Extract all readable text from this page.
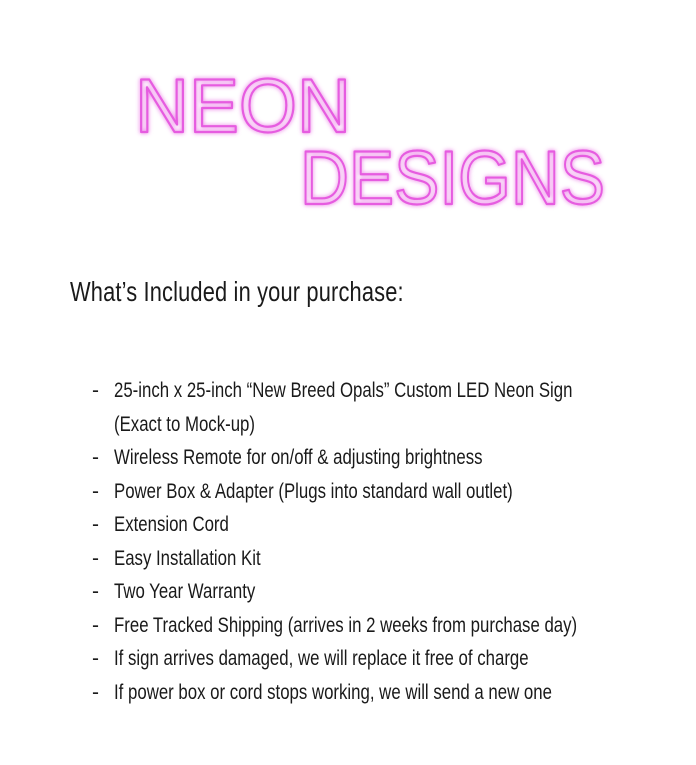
NEON
DESIGNS
What’s Included in your purchase:
- 25-inch x 25-inch “New Breed Opals” Custom LED Neon Sign
(Exact to Mock-up)
- Wireless Remote for on/off & adjusting brightness
- Power Box & Adapter (Plugs into standard wall outlet)
- Extension Cord
- Easy Installation Kit
- Two Year Warranty
- Free Tracked Shipping (arrives in 2 weeks from purchase day)
- If sign arrives damaged, we will replace it free of charge
- If power box or cord stops working, we will send a new one
